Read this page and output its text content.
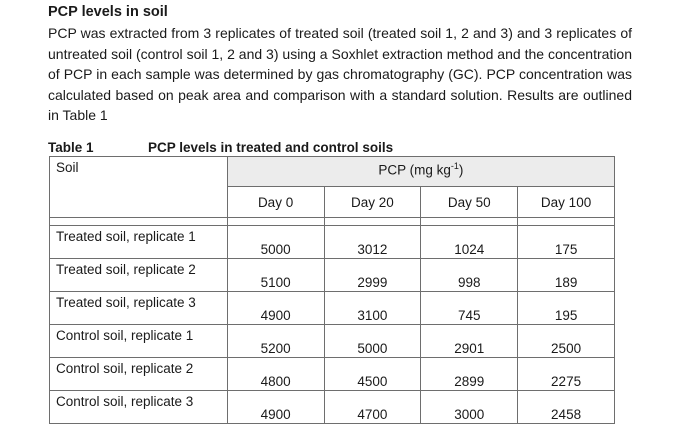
PCP levels in soil
PCP was extracted from 3 replicates of treated soil (treated soil 1, 2 and 3) and 3 replicates of untreated soil (control soil 1, 2 and 3) using a Soxhlet extraction method and the concentration of PCP in each sample was determined by gas chromatography (GC). PCP concentration was calculated based on peak area and comparison with a standard solution. Results are outlined in Table 1
Table 1	PCP levels in treated and control soils
Soil	PCP (mg $kg^{-1}$)			
	Day 0	Day 20	Day 50	Day 100

Treated soil, replicate 1	5000	3012	1024	175
Treated soil, replicate 2	5100	2999	998	189
Treated soil, replicate 3	4900	3100	745	195
Control soil, replicate 1	5200	5000	2901	2500
Control soil, replicate 2	4800	4500	2899	2275
Control soil, replicate 3	4900	4700	3000	2458
